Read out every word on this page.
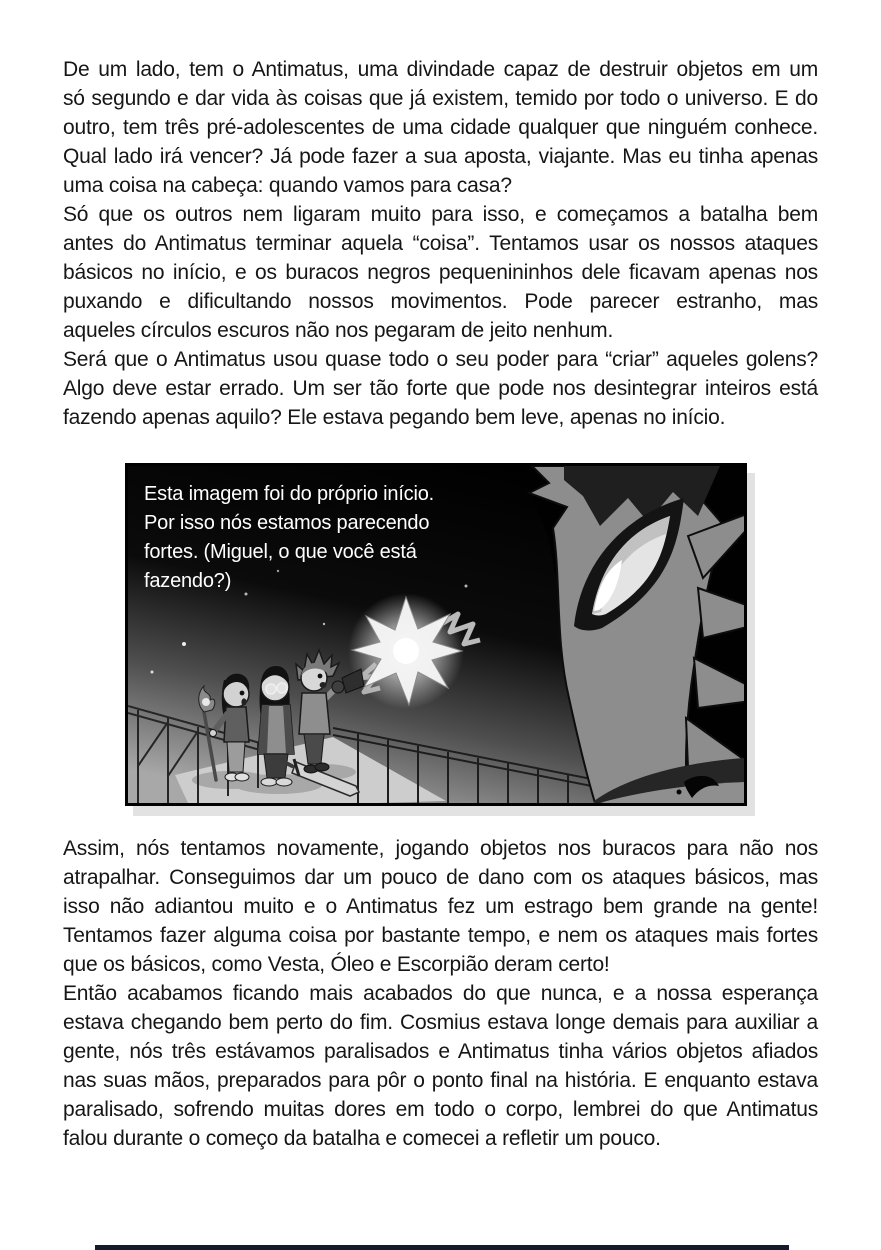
De um lado, tem o Antimatus, uma divindade capaz de destruir objetos em um
só segundo e dar vida às coisas que já existem, temido por todo o universo. E do
outro, tem três pré-adolescentes de uma cidade qualquer que ninguém conhece.
Qual lado irá vencer? Já pode fazer a sua aposta, viajante. Mas eu tinha apenas
uma coisa na cabeça: quando vamos para casa?
Só que os outros nem ligaram muito para isso, e começamos a batalha bem
antes do Antimatus terminar aquela “coisa”. Tentamos usar os nossos ataques
básicos no início, e os buracos negros pequenininhos dele ficavam apenas nos
puxando e dificultando nossos movimentos. Pode parecer estranho, mas
aqueles círculos escuros não nos pegaram de jeito nenhum.
Será que o Antimatus usou quase todo o seu poder para “criar” aqueles golens?
Algo deve estar errado. Um ser tão forte que pode nos desintegrar inteiros está
fazendo apenas aquilo? Ele estava pegando bem leve, apenas no início.
Esta imagem foi do próprio início.
Por isso nós estamos parecendo
fortes. (Miguel, o que você está
fazendo?)
Assim, nós tentamos novamente, jogando objetos nos buracos para não nos
atrapalhar. Conseguimos dar um pouco de dano com os ataques básicos, mas
isso não adiantou muito e o Antimatus fez um estrago bem grande na gente!
Tentamos fazer alguma coisa por bastante tempo, e nem os ataques mais fortes
que os básicos, como Vesta, Óleo e Escorpião deram certo!
Então acabamos ficando mais acabados do que nunca, e a nossa esperança
estava chegando bem perto do fim. Cosmius estava longe demais para auxiliar a
gente, nós três estávamos paralisados e Antimatus tinha vários objetos afiados
nas suas mãos, preparados para pôr o ponto final na história. E enquanto estava
paralisado, sofrendo muitas dores em todo o corpo, lembrei do que Antimatus
falou durante o começo da batalha e comecei a refletir um pouco.
